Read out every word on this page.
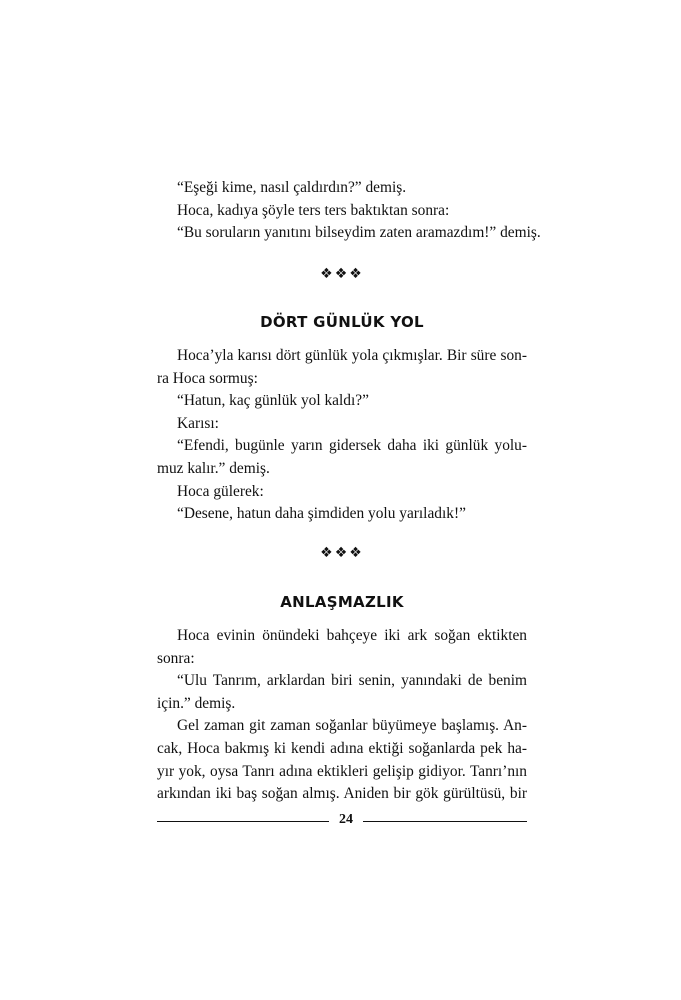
“Eşeği kime, nasıl çaldırdın?” demiş.
Hoca, kadıya şöyle ters ters baktıktan sonra:
“Bu soruların yanıtını bilseydim zaten aramazdım!” demiş.
❖❖❖
DÖRT GÜNLÜK YOL
Hoca’yla karısı dört günlük yola çıkmışlar. Bir süre son-
ra Hoca sormuş:
“Hatun, kaç günlük yol kaldı?”
Karısı:
“Efendi, bugünle yarın gidersek daha iki günlük yolu-
muz kalır.” demiş.
Hoca gülerek:
“Desene, hatun daha şimdiden yolu yarıladık!”
❖❖❖
ANLAŞMAZLIK
Hoca evinin önündeki bahçeye iki ark soğan ektikten
sonra:
“Ulu Tanrım, arklardan biri senin, yanındaki de benim
için.” demiş.
Gel zaman git zaman soğanlar büyümeye başlamış. An-
cak, Hoca bakmış ki kendi adına ektiği soğanlarda pek ha-
yır yok, oysa Tanrı adına ektikleri gelişip gidiyor. Tanrı’nın
arkından iki baş soğan almış. Aniden bir gök gürültüsü, bir
24
